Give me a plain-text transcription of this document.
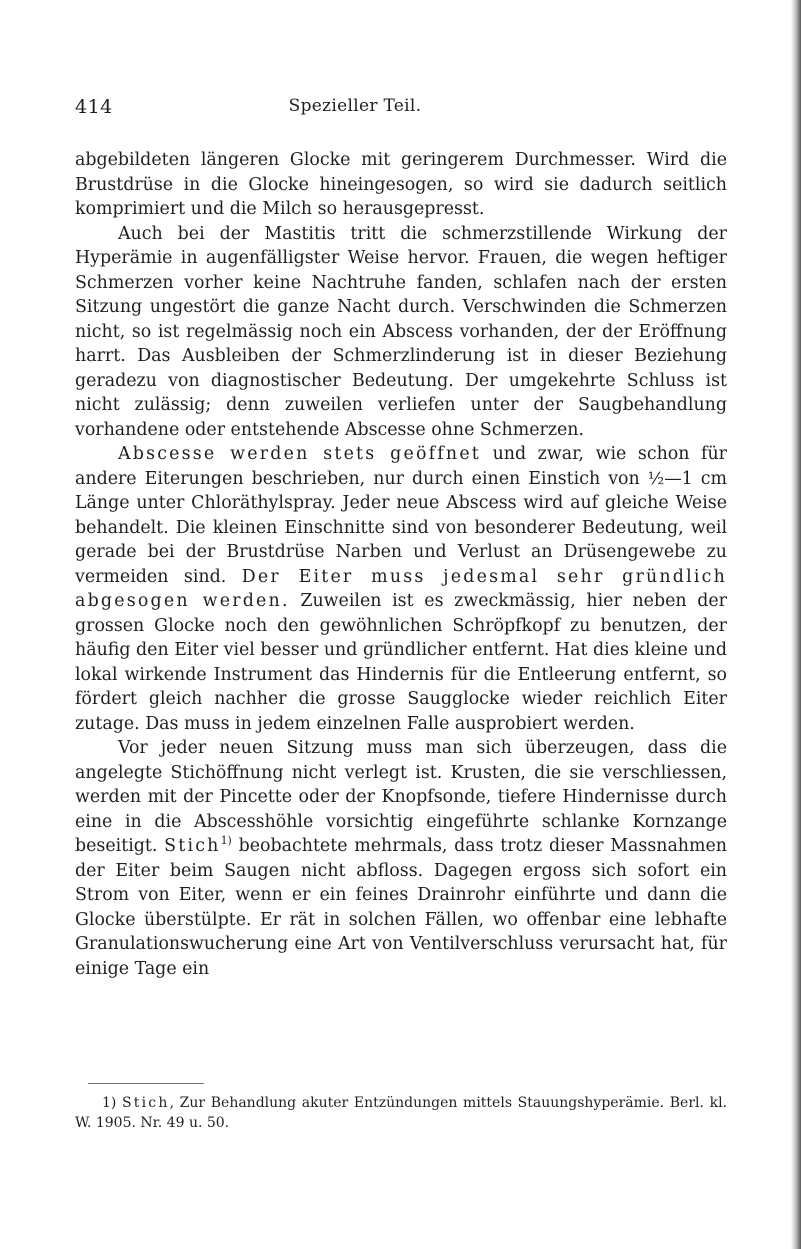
414	Spezieller Teil.

abgebildeten längeren Glocke mit geringerem Durchmesser. Wird die Brustdrüse in die Glocke hineingesogen, so wird sie dadurch seitlich komprimiert und die Milch so herausgepresst.

Auch bei der Mastitis tritt die schmerzstillende Wirkung der Hyperämie in augenfälligster Weise hervor. Frauen, die wegen heftiger Schmerzen vorher keine Nachtruhe fanden, schlafen nach der ersten Sitzung ungestört die ganze Nacht durch. Verschwinden die Schmerzen nicht, so ist regelmässig noch ein Abscess vorhanden, der der Eröffnung harrt. Das Ausbleiben der Schmerzlinderung ist in dieser Beziehung geradezu von diagnostischer Bedeutung. Der umgekehrte Schluss ist nicht zulässig; denn zuweilen verliefen unter der Saugbehandlung vorhandene oder entstehende Abscesse ohne Schmerzen.

Abscesse werden stets geöffnet und zwar, wie schon für andere Eiterungen beschrieben, nur durch einen Einstich von ½—1 cm Länge unter Chloräthylspray. Jeder neue Abscess wird auf gleiche Weise behandelt. Die kleinen Einschnitte sind von besonderer Bedeutung, weil gerade bei der Brustdrüse Narben und Verlust an Drüsengewebe zu vermeiden sind. Der Eiter muss jedesmal sehr gründlich abgesogen werden. Zuweilen ist es zweckmässig, hier neben der grossen Glocke noch den gewöhnlichen Schröpfkopf zu benutzen, der häufig den Eiter viel besser und gründlicher entfernt. Hat dies kleine und lokal wirkende Instrument das Hindernis für die Entleerung entfernt, so fördert gleich nachher die grosse Saugglocke wieder reichlich Eiter zutage. Das muss in jedem einzelnen Falle ausprobiert werden.

Vor jeder neuen Sitzung muss man sich überzeugen, dass die angelegte Stichöffnung nicht verlegt ist. Krusten, die sie verschliessen, werden mit der Pincette oder der Knopfsonde, tiefere Hindernisse durch eine in die Abscesshöhle vorsichtig eingeführte schlanke Kornzange beseitigt. Stich$^{1)}$ beobachtete mehrmals, dass trotz dieser Massnahmen der Eiter beim Saugen nicht abfloss. Dagegen ergoss sich sofort ein Strom von Eiter, wenn er ein feines Drainrohr einführte und dann die Glocke überstülpte. Er rät in solchen Fällen, wo offenbar eine lebhafte Granulationswucherung eine Art von Ventilverschluss verursacht hat, für einige Tage ein

1) Stich, Zur Behandlung akuter Entzündungen mittels Stauungshyperämie. Berl. kl. W. 1905. Nr. 49 u. 50.
